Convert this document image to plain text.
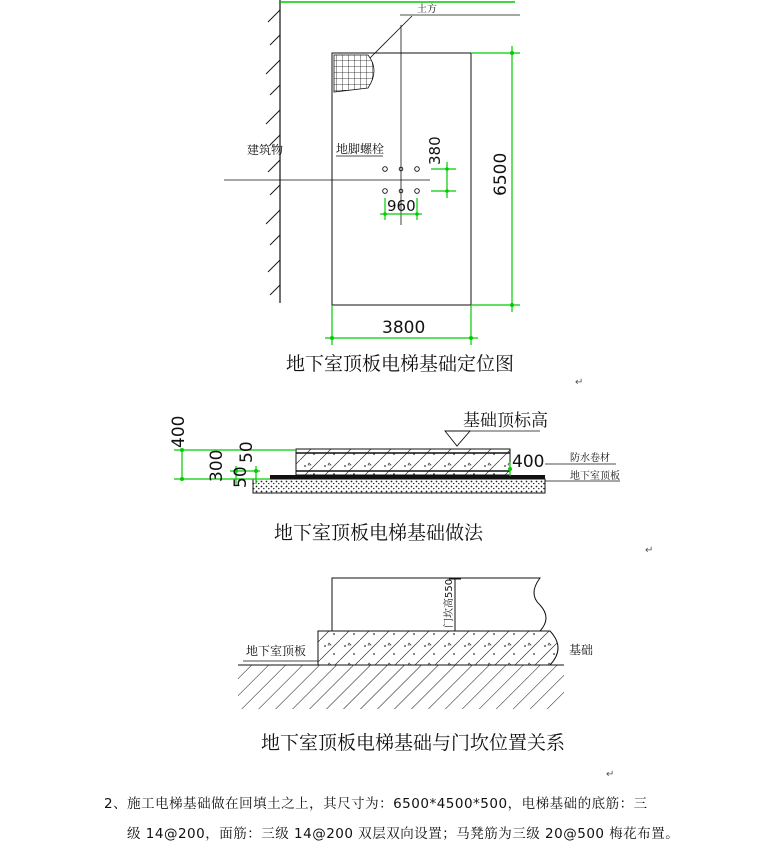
建筑物
土方
地脚螺栓	380
960
6500
3800
地下室顶板电梯基础定位图
↵
基础顶标高
400
300 50
50	400	防水卷材
地下室顶板
地下室顶板电梯基础做法
↵
门坎高550
地下室顶板	基础
地下室顶板电梯基础与门坎位置关系
↵
2、施工电梯基础做在回填土之上，其尺寸为：6500*4500*500，电梯基础的底筋：三
级 14@200，面筋：三级 14@200 双层双向设置；马凳筋为三级 20@500 梅花布置。
